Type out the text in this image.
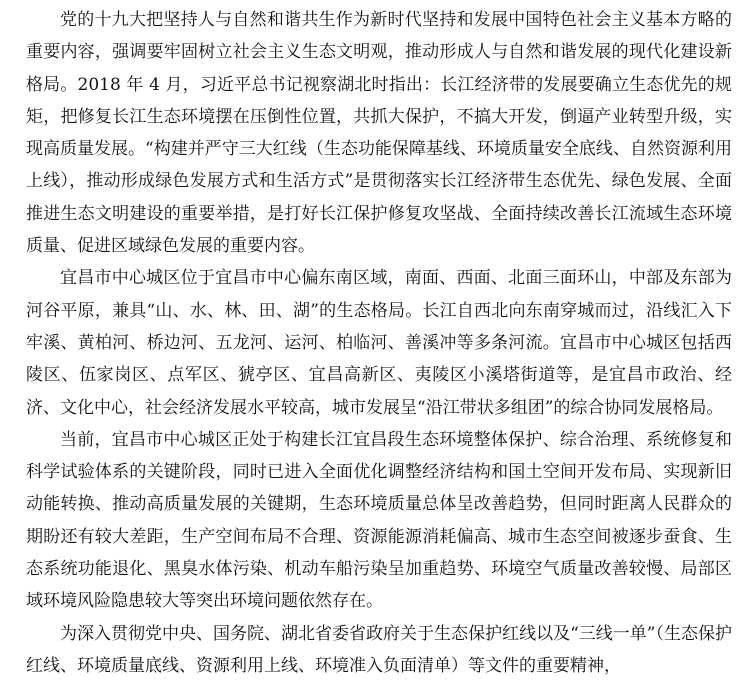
党的十九大把坚持人与自然和谐共生作为新时代坚持和发展中国特色社会主义基本方略的重要内容，强调要牢固树立社会主义生态文明观，推动形成人与自然和谐发展的现代化建设新格局。2018 年 4 月，习近平总书记视察湖北时指出：长江经济带的发展要确立生态优先的规矩，把修复长江生态环境摆在压倒性位置，共抓大保护，不搞大开发，倒逼产业转型升级，实现高质量发展。“构建并严守三大红线（生态功能保障基线、环境质量安全底线、自然资源利用上线），推动形成绿色发展方式和生活方式”是贯彻落实长江经济带生态优先、绿色发展、全面推进生态文明建设的重要举措，是打好长江保护修复攻坚战、全面持续改善长江流域生态环境质量、促进区域绿色发展的重要内容。

宜昌市中心城区位于宜昌市中心偏东南区域，南面、西面、北面三面环山，中部及东部为河谷平原，兼具“山、水、林、田、湖”的生态格局。长江自西北向东南穿城而过，沿线汇入下牢溪、黄柏河、桥边河、五龙河、运河、柏临河、善溪冲等多条河流。宜昌市中心城区包括西陵区、伍家岗区、点军区、猇亭区、宜昌高新区、夷陵区小溪塔街道等，是宜昌市政治、经济、文化中心，社会经济发展水平较高，城市发展呈“沿江带状多组团”的综合协同发展格局。

当前，宜昌市中心城区正处于构建长江宜昌段生态环境整体保护、综合治理、系统修复和科学试验体系的关键阶段，同时已进入全面优化调整经济结构和国土空间开发布局、实现新旧动能转换、推动高质量发展的关键期，生态环境质量总体呈改善趋势，但同时距离人民群众的期盼还有较大差距，生产空间布局不合理、资源能源消耗偏高、城市生态空间被逐步蚕食、生态系统功能退化、黑臭水体污染、机动车船污染呈加重趋势、环境空气质量改善较慢、局部区域环境风险隐患较大等突出环境问题依然存在。

为深入贯彻党中央、国务院、湖北省委省政府关于生态保护红线以及“三线一单”（生态保护红线、环境质量底线、资源利用上线、环境准入负面清单）等文件的重要精神，
